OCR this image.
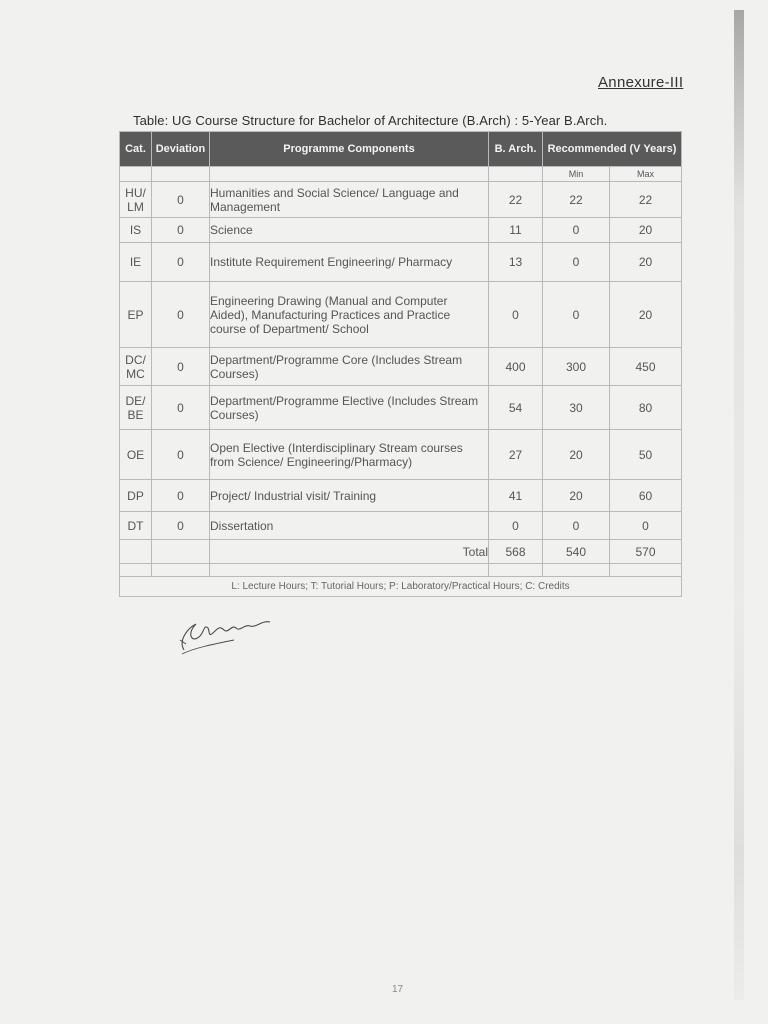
Annexure-III
Table: UG Course Structure for Bachelor of Architecture (B.Arch) : 5-Year B.Arch.
Cat.	Deviation	Programme Components	B. Arch.	Recommended (V Years)	
				Min	Max
HU/ LM	0	Humanities and Social Science/ Language and Management	22	22	22
IS	0	Science	11	0	20
IE	0	Institute Requirement Engineering/ Pharmacy	13	0	20
EP	0	Engineering Drawing (Manual and Computer Aided), Manufacturing Practices and Practice course of Department/ School	0	0	20
DC/ MC	0	Department/Programme Core (Includes Stream Courses)	400	300	450
DE/ BE	0	Department/Programme Elective (Includes Stream Courses)	54	30	80
OE	0	Open Elective (Interdisciplinary Stream courses from Science/ Engineering/Pharmacy)	27	20	50
DP	0	Project/ Industrial visit/ Training	41	20	60
DT	0	Dissertation	0	0	0
		Total	568	540	570

L: Lecture Hours; T: Tutorial Hours; P: Laboratory/Practical Hours; C: Credits					
17
